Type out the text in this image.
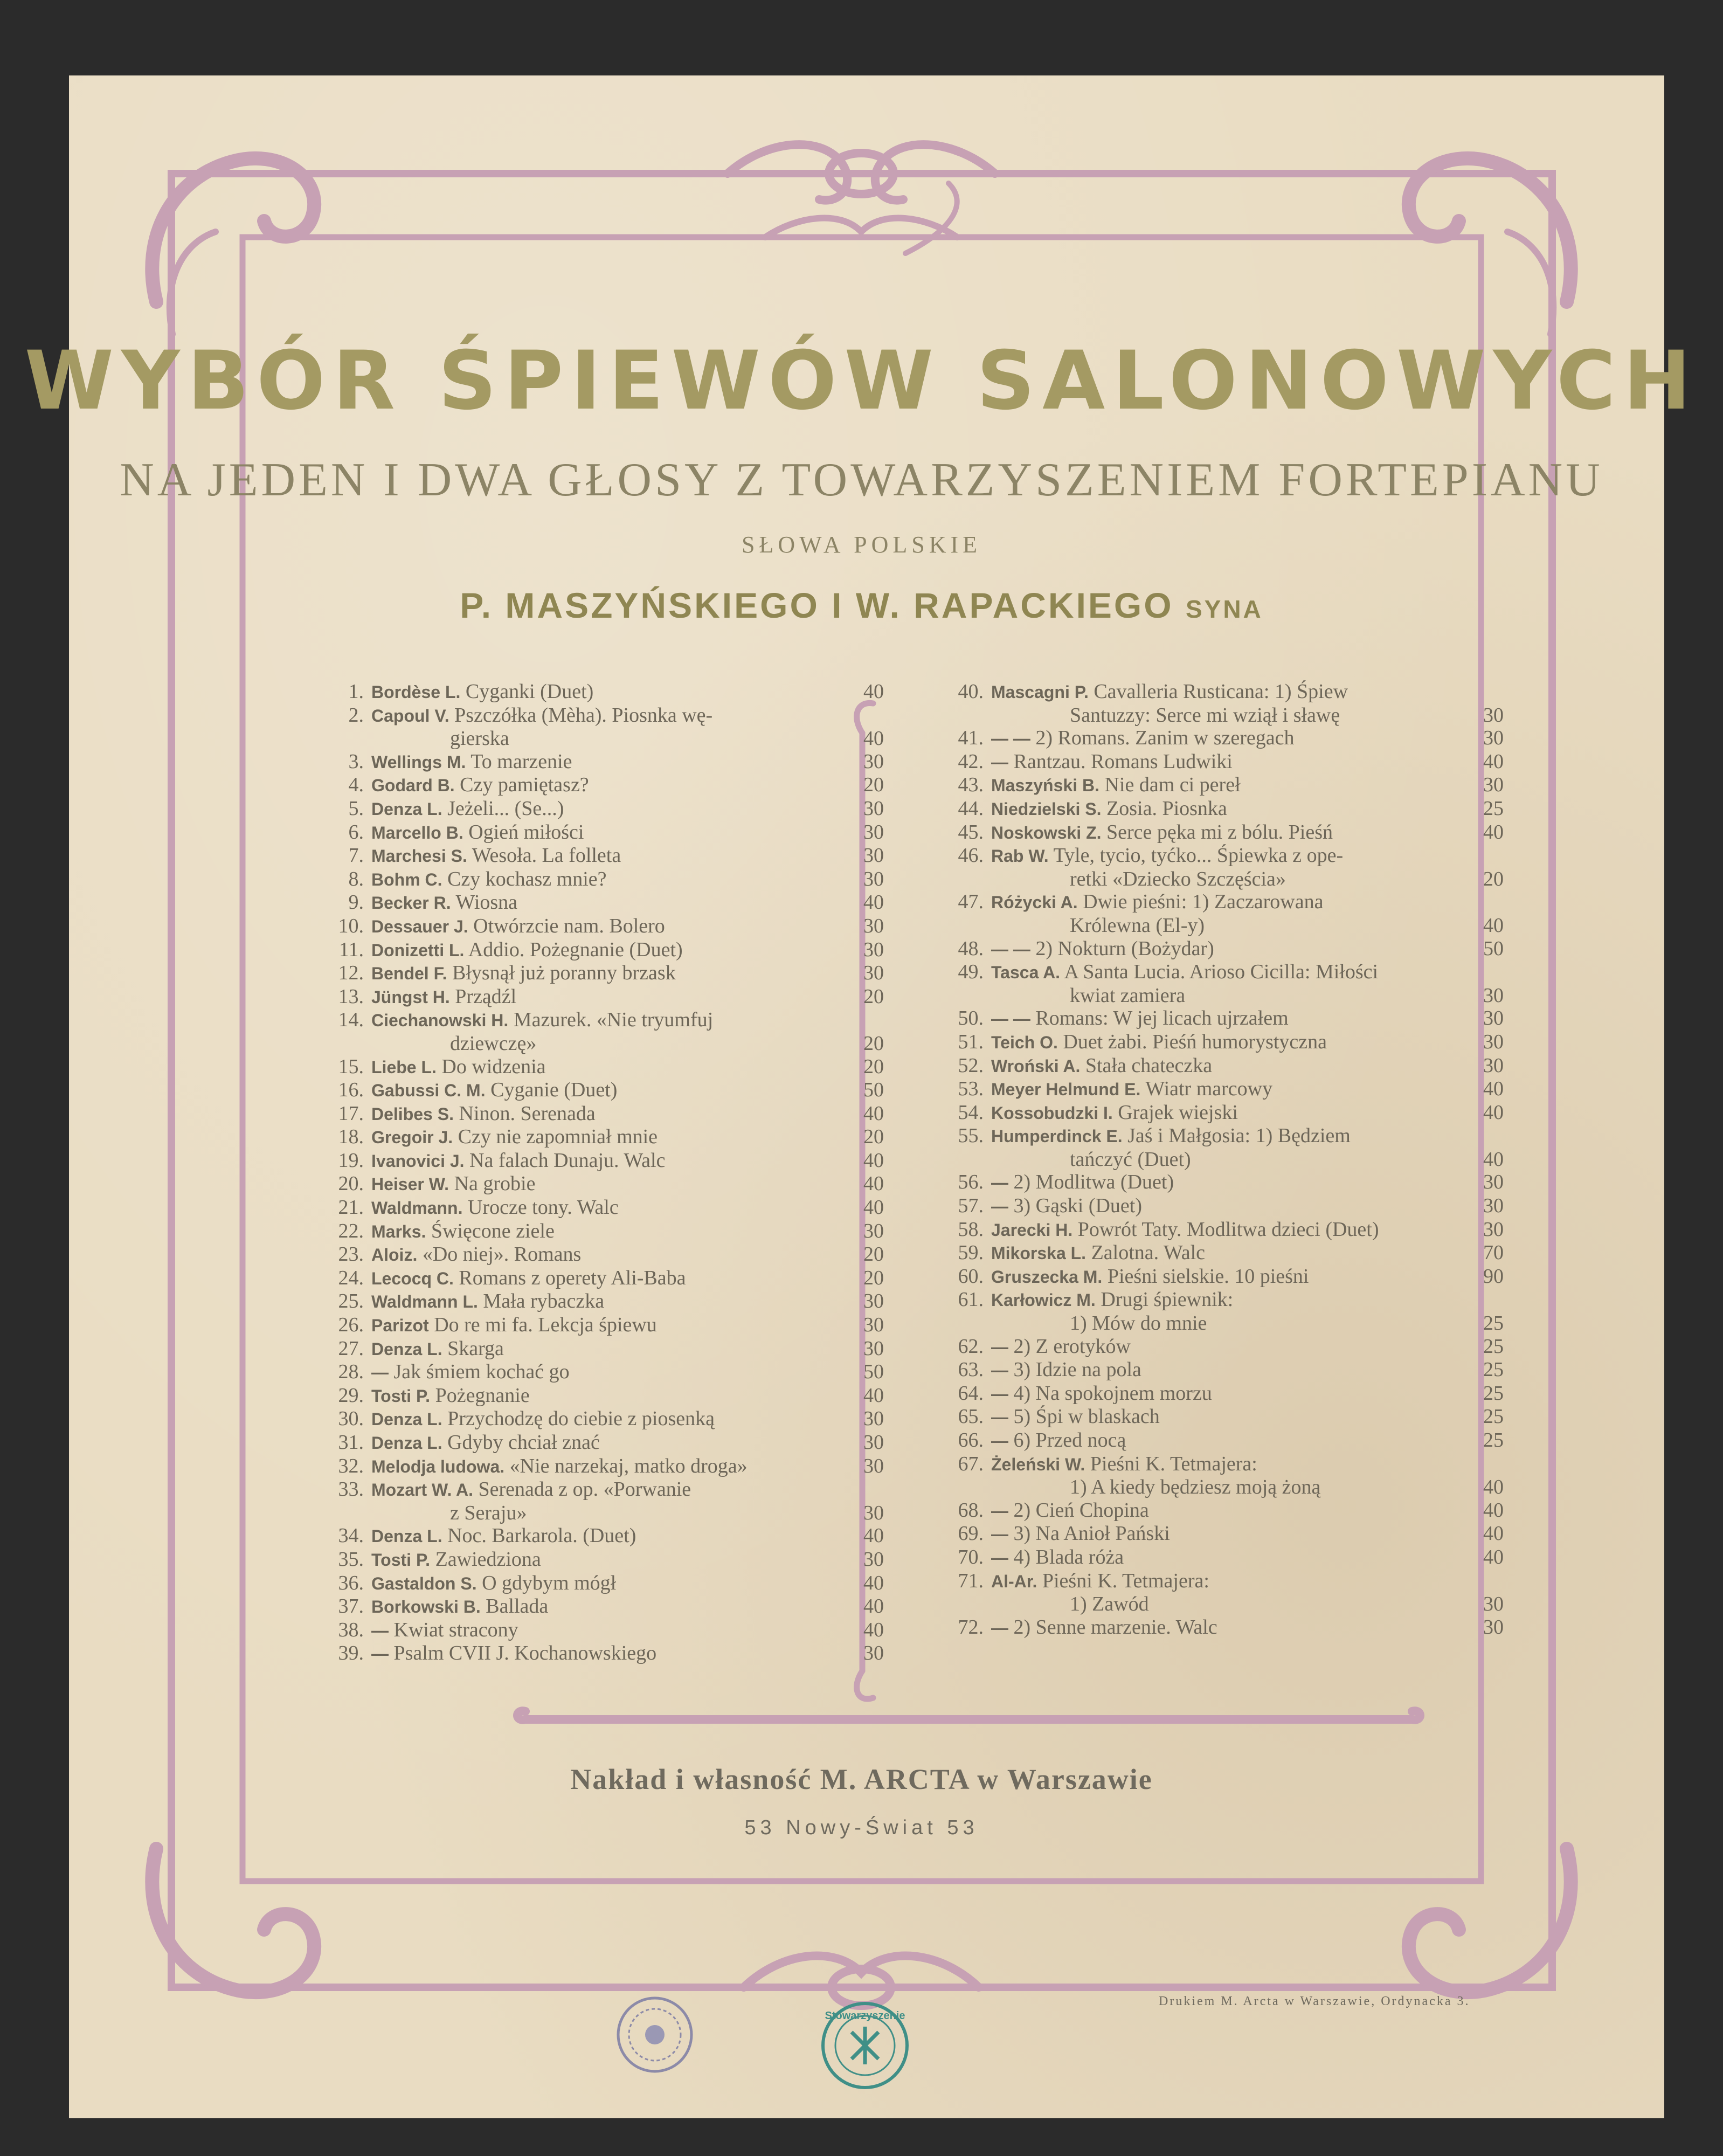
WYBÓR ŚPIEWÓW SALONOWYCH
NA JEDEN I DWA GŁOSY Z TOWARZYSZENIEM FORTEPIANU
SŁOWA POLSKIE
P. MASZYŃSKIEGO I W. RAPACKIEGO SYNA
1. Bordèse L. Cyganki (Duet)	40
2. Capoul V. Pszczółka (Mèha). Piosnka wę-
gierska	40
3. Wellings M. To marzenie	30
4. Godard B. Czy pamiętasz?	20
5. Denza L. Jeżeli... (Se...)	30
6. Marcello B. Ogień miłości	30
7. Marchesi S. Wesoła. La folleta	30
8. Bohm C. Czy kochasz mnie?	30
9. Becker R. Wiosna	40
10. Dessauer J. Otwórzcie nam. Bolero	30
11. Donizetti L. Addio. Pożegnanie (Duet)	30
12. Bendel F. Błysnął już poranny brzask	30
13. Jüngst H. Prządźl	20
14. Ciechanowski H. Mazurek. «Nie tryumfuj
dziewczę»	20
15. Liebe L. Do widzenia	20
16. Gabussi C. M. Cyganie (Duet)	50
17. Delibes S. Ninon. Serenada	40
18. Gregoir J. Czy nie zapomniał mnie	20
19. Ivanovici J. Na falach Dunaju. Walc	40
20. Heiser W. Na grobie	40
21. Waldmann. Urocze tony. Walc	40
22. Marks. Święcone ziele	30
23. Aloiz. «Do niej». Romans	20
24. Lecocq C. Romans z operety Ali-Baba	20
25. Waldmann L. Mała rybaczka	30
26. Parizot Do re mi fa. Lekcja śpiewu	30
27. Denza L. Skarga	30
28. — Jak śmiem kochać go	50
29. Tosti P. Pożegnanie	40
30. Denza L. Przychodzę do ciebie z piosenką	30
31. Denza L. Gdyby chciał znać	30
32. Melodja ludowa. «Nie narzekaj, matko droga»	30
33. Mozart W. A. Serenada z op. «Porwanie
z Seraju»	30
34. Denza L. Noc. Barkarola. (Duet)	40
35. Tosti P. Zawiedziona	30
36. Gastaldon S. O gdybym mógł	40
37. Borkowski B. Ballada	40
38. — Kwiat stracony	40
39. — Psalm CVII J. Kochanowskiego	30
40. Mascagni P. Cavalleria Rusticana: 1) Śpiew
Santuzzy: Serce mi wziął i sławę	30
41. — — 2) Romans. Zanim w szeregach	30
42. — Rantzau. Romans Ludwiki	40
43. Maszyński B. Nie dam ci pereł	30
44. Niedzielski S. Zosia. Piosnka	25
45. Noskowski Z. Serce pęka mi z bólu. Pieśń	40
46. Rab W. Tyle, tycio, tyćko... Śpiewka z ope-
retki «Dziecko Szczęścia»	20
47. Różycki A. Dwie pieśni: 1) Zaczarowana
Królewna (El-y)	40
48. — — 2) Nokturn (Bożydar)	50
49. Tasca A. A Santa Lucia. Arioso Cicilla: Miłości
kwiat zamiera	30
50. — — Romans: W jej licach ujrzałem	30
51. Teich O. Duet żabi. Pieśń humorystyczna	30
52. Wroński A. Stała chateczka	30
53. Meyer Helmund E. Wiatr marcowy	40
54. Kossobudzki I. Grajek wiejski	40
55. Humperdinck E. Jaś i Małgosia: 1) Będziem
tańczyć (Duet)	40
56. — 2) Modlitwa (Duet)	30
57. — 3) Gąski (Duet)	30
58. Jarecki H. Powrót Taty. Modlitwa dzieci (Duet)	30
59. Mikorska L. Zalotna. Walc	70
60. Gruszecka M. Pieśni sielskie. 10 pieśni	90
61. Karłowicz M. Drugi śpiewnik:
1) Mów do mnie	25
62. — 2) Z erotyków	25
63. — 3) Idzie na pola	25
64. — 4) Na spokojnem morzu	25
65. — 5) Śpi w blaskach	25
66. — 6) Przed nocą	25
67. Żeleński W. Pieśni K. Tetmajera:
1) A kiedy będziesz moją żoną	40
68. — 2) Cień Chopina	40
69. — 3) Na Anioł Pański	40
70. — 4) Blada róża	40
71. Al-Ar. Pieśni K. Tetmajera:
1) Zawód	30
72. — 2) Senne marzenie. Walc	30
Nakład i własność M. ARCTA w Warszawie
53 Nowy-Świat 53
Drukiem M. Arcta w Warszawie, Ordynacka 3.
Stowarzyszenie
